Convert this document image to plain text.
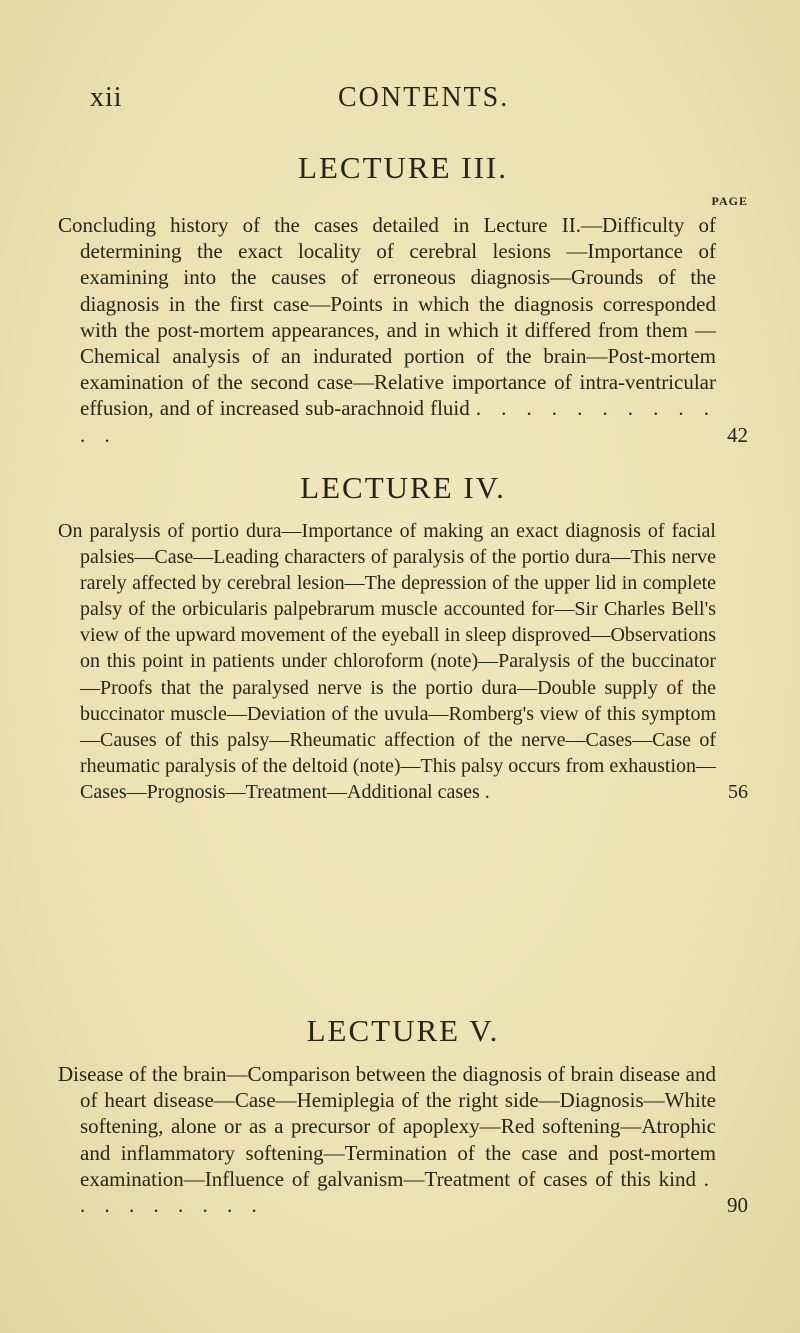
xii	CONTENTS.
LECTURE III.
PAGE

Concluding history of the cases detailed in Lecture II.—Difficulty of determining the exact locality of cerebral lesions —Importance of examining into the causes of erroneous diagnosis—Grounds of the diagnosis in the first case—Points in which the diagnosis corresponded with the post-mortem appearances, and in which it differed from them —Chemical analysis of an indurated portion of the brain—Post-mortem examination of the second case—Relative importance of intra-ventricular effusion, and of increased sub-arachnoid fluid . . . . . . . . . . . .	42

LECTURE IV.

On paralysis of portio dura—Importance of making an exact diagnosis of facial palsies—Case—Leading characters of paralysis of the portio dura—This nerve rarely affected by cerebral lesion—The depression of the upper lid in complete palsy of the orbicularis palpebrarum muscle accounted for—Sir Charles Bell's view of the upward movement of the eyeball in sleep disproved—Observations on this point in patients under chloroform (note)—Paralysis of the buccinator—Proofs that the paralysed nerve is the portio dura—Double supply of the buccinator muscle—Deviation of the uvula—Romberg's view of this symptom—Causes of this palsy—Rheumatic affection of the nerve—Cases—Case of rheumatic paralysis of the deltoid (note)—This palsy occurs from exhaustion—Cases—Prognosis—Treatment—Additional cases .	56

LECTURE V.

Disease of the brain—Comparison between the diagnosis of brain disease and of heart disease—Case—Hemiplegia of the right side—Diagnosis—White softening, alone or as a precursor of apoplexy—Red softening—Atrophic and inflammatory softening—Termination of the case and post-mortem examination—Influence of galvanism—Treatment of cases of this kind . . . . . . . . .	90
